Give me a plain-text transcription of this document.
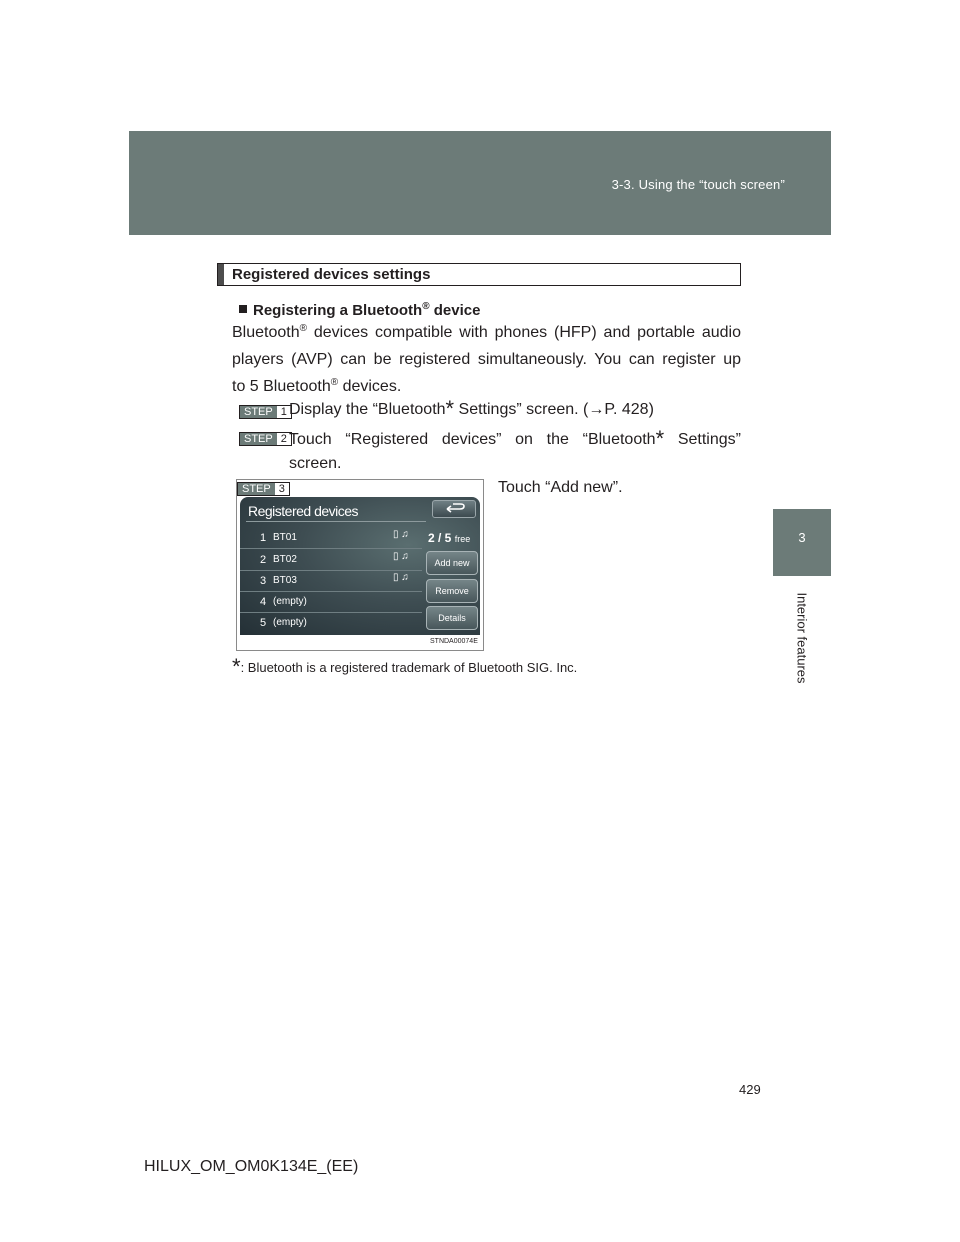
3-3. Using the “touch screen”
3
Interior features
Registered devices settings
Registering a Bluetooth® device
Bluetooth® devices compatible with phones (HFP) and portable audio
players (AVP) can be registered simultaneously. You can register up
to 5 Bluetooth® devices.
STEP 1 Display the “Bluetooth* Settings” screen. (→P. 428)
STEP 2 Touch “Registered devices” on the “Bluetooth* Settings”
screen.
Touch “Add new”.
STEP 3
Registered devices
1 BT01	▯ ♫
2 BT02	▯ ♫
3 BT03	▯ ♫
4 (empty)
5 (empty)
2 / 5 free
Add new
Remove
Details
STNDA00074E
*: Bluetooth is a registered trademark of Bluetooth SIG. Inc.
429
HILUX_OM_OM0K134E_(EE)
